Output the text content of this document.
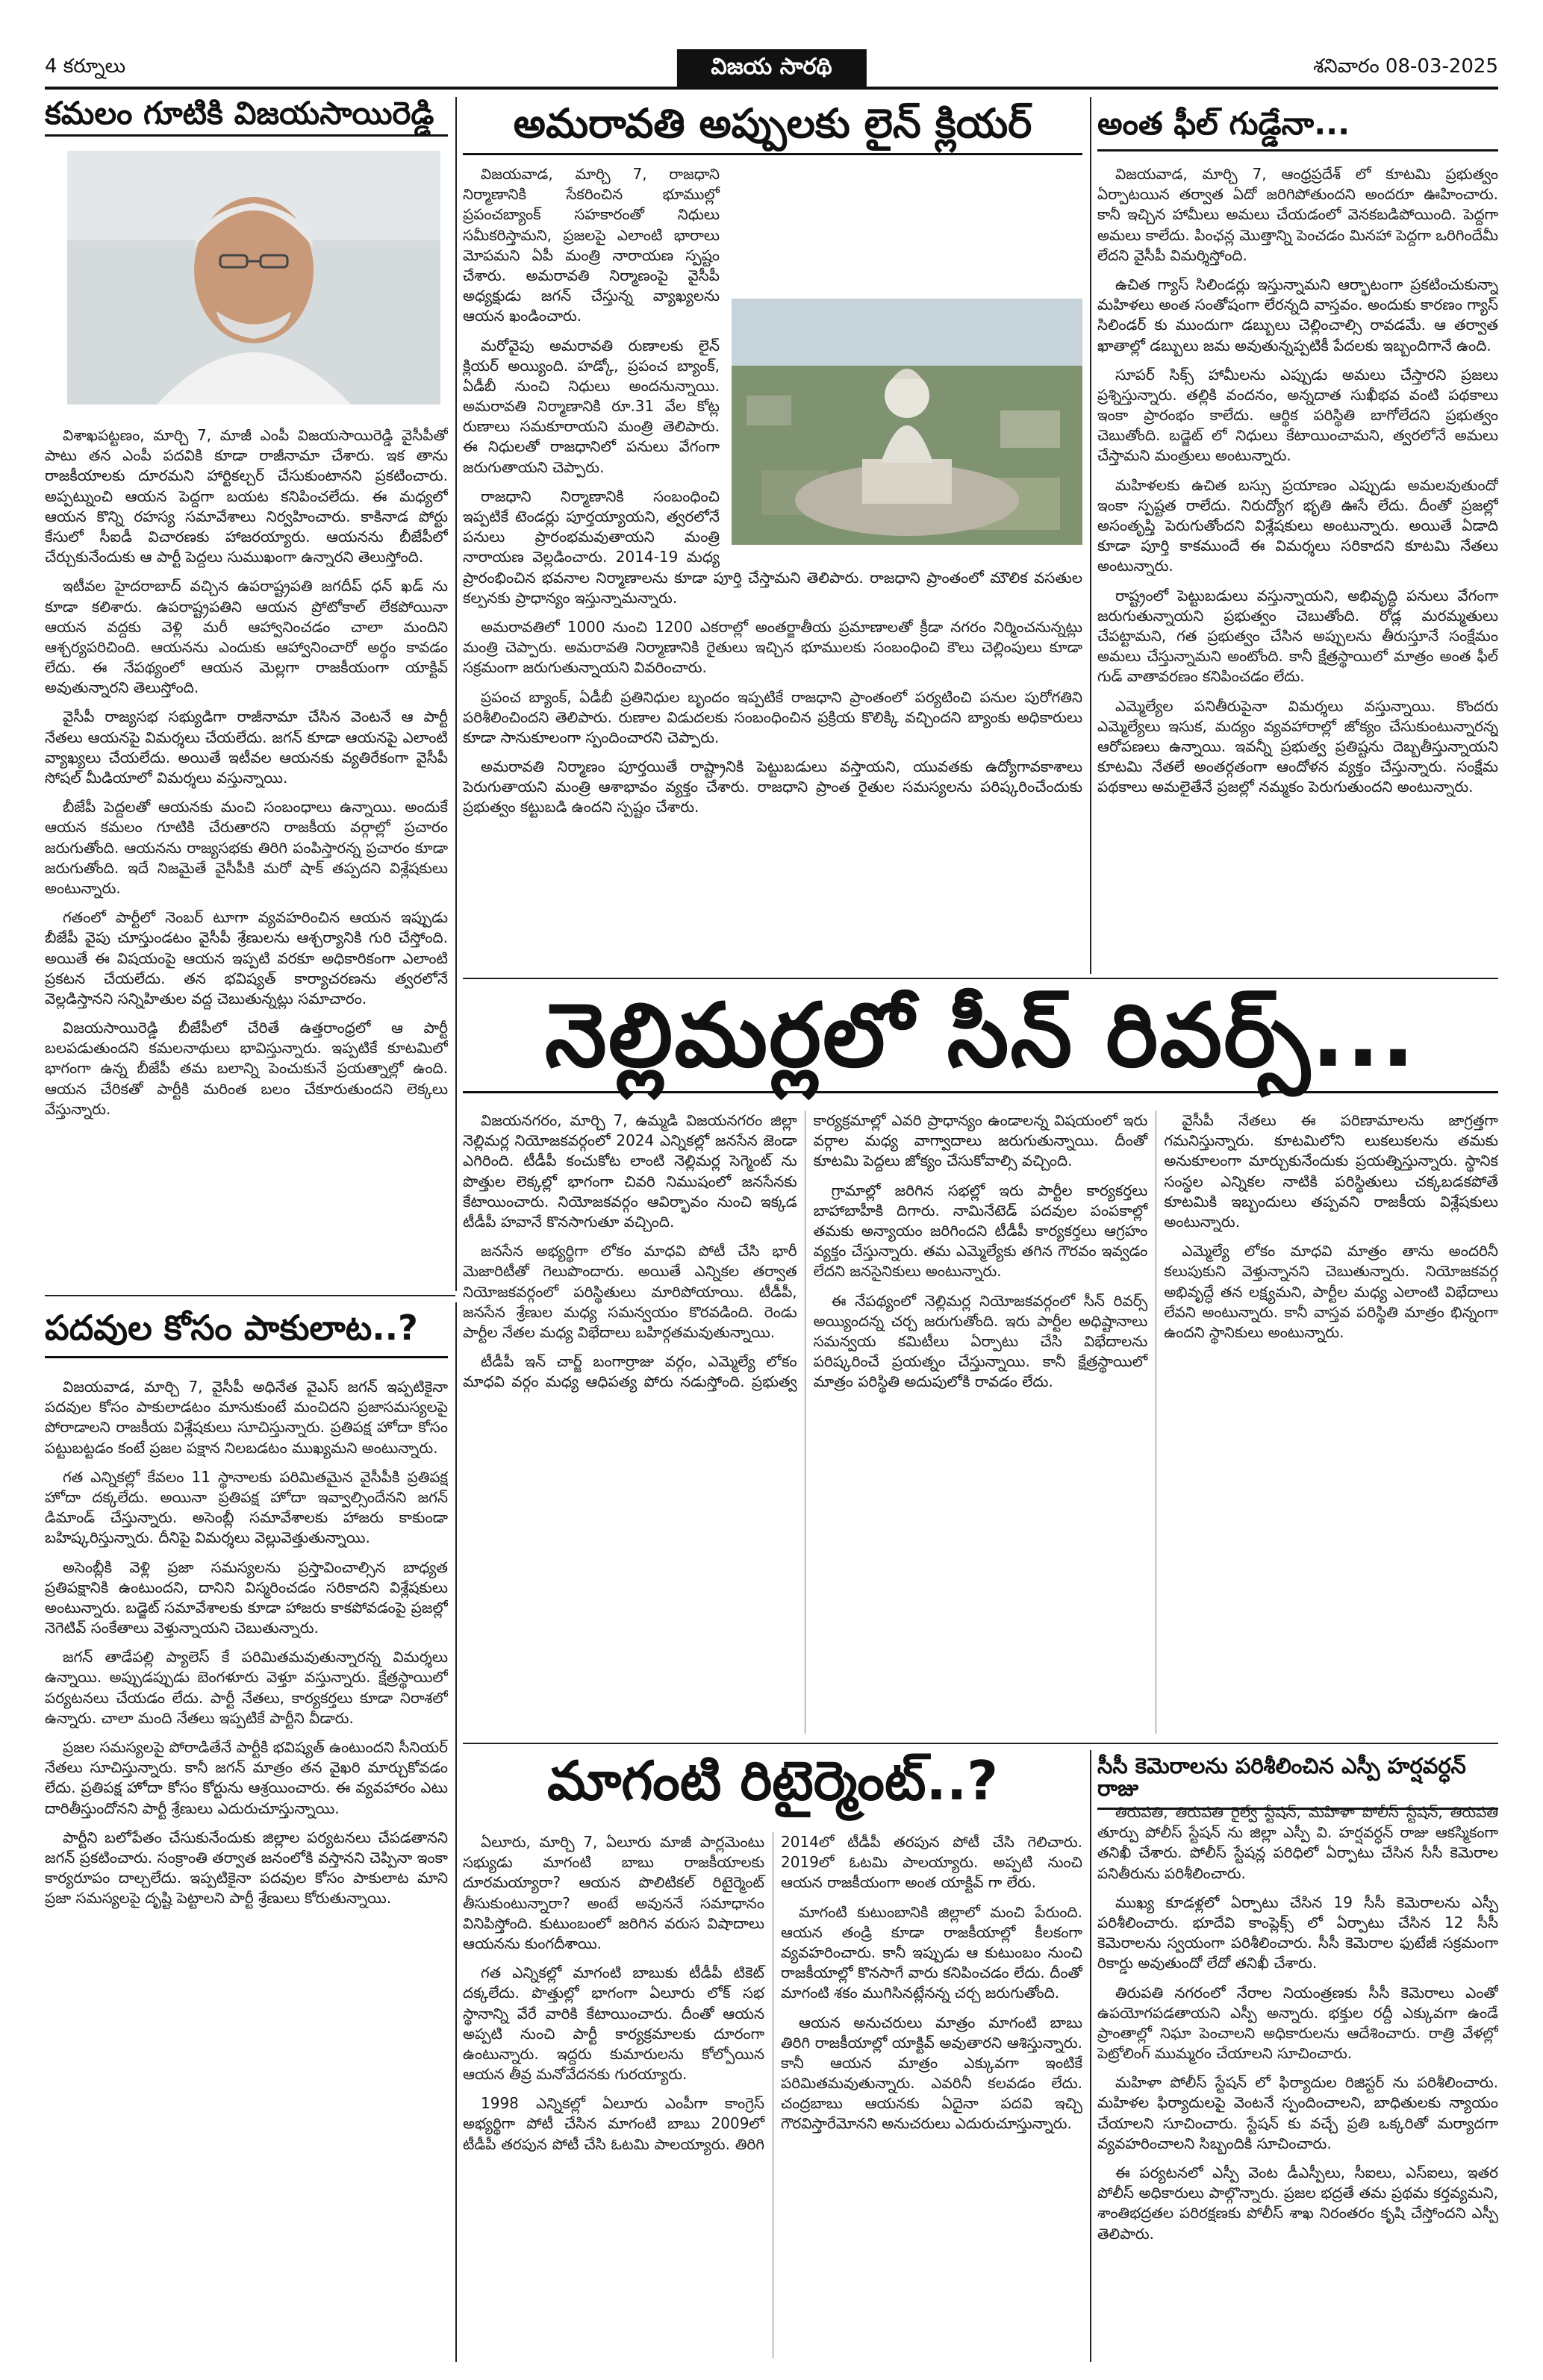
4 కర్నూలు	విజయ సారథి	శనివారం 08-03-2025
కమలం గూటికి విజయసాయిరెడ్డి

విశాఖపట్టణం, మార్చి 7, మాజీ ఎంపీ విజయసాయిరెడ్డి వైసీపీతో పాటు తన ఎంపీ పదవికి కూడా రాజీనామా చేశారు. ఇక తాను రాజకీయాలకు దూరమని హార్టికల్చర్ చేసుకుంటానని ప్రకటించారు. అప్పట్నుంచి ఆయన పెద్దగా బయట కనిపించలేదు. ఈ మధ్యలో ఆయన కొన్ని రహస్య సమావేశాలు నిర్వహించారు. కాకినాడ పోర్టు కేసులో సీఐడీ విచారణకు హాజరయ్యారు. ఆయనను బీజేపీలో చేర్చుకునేందుకు ఆ పార్టీ పెద్దలు సుముఖంగా ఉన్నారని తెలుస్తోంది.

ఇటీవల హైదరాబాద్ వచ్చిన ఉపరాష్ట్రపతి జగదీప్ ధన్ ఖడ్ ను కూడా కలిశారు. ఉపరాష్ట్రపతిని ఆయన ప్రోటోకాల్ లేకపోయినా ఆయన వద్దకు వెళ్లి మరీ ఆహ్వానించడం చాలా మందిని ఆశ్చర్యపరిచింది. ఆయనను ఎందుకు ఆహ్వానించారో అర్థం కావడం లేదు. ఈ నేపథ్యంలో ఆయన మెల్లగా రాజకీయంగా యాక్టివ్ అవుతున్నారని తెలుస్తోంది.

వైసీపీ రాజ్యసభ సభ్యుడిగా రాజీనామా చేసిన వెంటనే ఆ పార్టీ నేతలు ఆయనపై విమర్శలు చేయలేదు. జగన్ కూడా ఆయనపై ఎలాంటి వ్యాఖ్యలు చేయలేదు. అయితే ఇటీవల ఆయనకు వ్యతిరేకంగా వైసీపీ సోషల్ మీడియాలో విమర్శలు వస్తున్నాయి.

బీజేపీ పెద్దలతో ఆయనకు మంచి సంబంధాలు ఉన్నాయి. అందుకే ఆయన కమలం గూటికి చేరుతారని రాజకీయ వర్గాల్లో ప్రచారం జరుగుతోంది. ఆయనను రాజ్యసభకు తిరిగి పంపిస్తారన్న ప్రచారం కూడా జరుగుతోంది. ఇదే నిజమైతే వైసీపీకి మరో షాక్ తప్పదని విశ్లేషకులు అంటున్నారు.

గతంలో పార్టీలో నెంబర్ టూగా వ్యవహరించిన ఆయన ఇప్పుడు బీజేపీ వైపు చూస్తుండటం వైసీపీ శ్రేణులను ఆశ్చర్యానికి గురి చేస్తోంది. అయితే ఈ విషయంపై ఆయన ఇప్పటి వరకూ అధికారికంగా ఎలాంటి ప్రకటన చేయలేదు. తన భవిష్యత్ కార్యాచరణను త్వరలోనే వెల్లడిస్తానని సన్నిహితుల వద్ద చెబుతున్నట్లు సమాచారం.

విజయసాయిరెడ్డి బీజేపీలో చేరితే ఉత్తరాంధ్రలో ఆ పార్టీ బలపడుతుందని కమలనాథులు భావిస్తున్నారు. ఇప్పటికే కూటమిలో భాగంగా ఉన్న బీజేపీ తమ బలాన్ని పెంచుకునే ప్రయత్నాల్లో ఉంది. ఆయన చేరికతో పార్టీకి మరింత బలం చేకూరుతుందని లెక్కలు వేస్తున్నారు.

అమరావతి అప్పులకు లైన్ క్లియర్

విజయవాడ, మార్చి 7, రాజధాని నిర్మాణానికి సేకరించిన భూముల్లో ప్రపంచబ్యాంక్ సహకారంతో నిధులు సమీకరిస్తామని, ప్రజలపై ఎలాంటి భారాలు మోపమని ఏపీ మంత్రి నారాయణ స్పష్టం చేశారు. అమరావతి నిర్మాణంపై వైసీపీ అధ్యక్షుడు జగన్ చేస్తున్న వ్యాఖ్యలను ఆయన ఖండించారు.

మరోవైపు అమరావతి రుణాలకు లైన్ క్లియర్ అయ్యింది. హడ్కో, ప్రపంచ బ్యాంక్, ఏడీబీ నుంచి నిధులు అందనున్నాయి. అమరావతి నిర్మాణానికి రూ.31 వేల కోట్ల రుణాలు సమకూరాయని మంత్రి తెలిపారు. ఈ నిధులతో రాజధానిలో పనులు వేగంగా జరుగుతాయని చెప్పారు.

రాజధాని నిర్మాణానికి సంబంధించి ఇప్పటికే టెండర్లు పూర్తయ్యాయని, త్వరలోనే పనులు ప్రారంభమవుతాయని మంత్రి నారాయణ వెల్లడించారు. 2014-19 మధ్య ప్రారంభించిన భవనాల నిర్మాణాలను కూడా పూర్తి చేస్తామని తెలిపారు. రాజధాని ప్రాంతంలో మౌలిక వసతుల కల్పనకు ప్రాధాన్యం ఇస్తున్నామన్నారు.

అమరావతిలో 1000 నుంచి 1200 ఎకరాల్లో అంతర్జాతీయ ప్రమాణాలతో క్రీడా నగరం నిర్మించనున్నట్లు మంత్రి చెప్పారు. అమరావతి నిర్మాణానికి రైతులు ఇచ్చిన భూములకు సంబంధించి కౌలు చెల్లింపులు కూడా సక్రమంగా జరుగుతున్నాయని వివరించారు.

ప్రపంచ బ్యాంక్, ఏడీబీ ప్రతినిధుల బృందం ఇప్పటికే రాజధాని ప్రాంతంలో పర్యటించి పనుల పురోగతిని పరిశీలించిందని తెలిపారు. రుణాల విడుదలకు సంబంధించిన ప్రక్రియ కొలిక్కి వచ్చిందని బ్యాంకు అధికారులు కూడా సానుకూలంగా స్పందించారని చెప్పారు.

అమరావతి నిర్మాణం పూర్తయితే రాష్ట్రానికి పెట్టుబడులు వస్తాయని, యువతకు ఉద్యోగావకాశాలు పెరుగుతాయని మంత్రి ఆశాభావం వ్యక్తం చేశారు. రాజధాని ప్రాంత రైతుల సమస్యలను పరిష్కరించేందుకు ప్రభుత్వం కట్టుబడి ఉందని స్పష్టం చేశారు.

అంత ఫీల్ గుడ్డేనా...

విజయవాడ, మార్చి 7, ఆంధ్రప్రదేశ్ లో కూటమి ప్రభుత్వం ఏర్పాటయిన తర్వాత ఏదో జరిగిపోతుందని అందరూ ఊహించారు. కానీ ఇచ్చిన హామీలు అమలు చేయడంలో వెనకబడిపోయింది. పెద్దగా అమలు కాలేదు. పింఛన్ల మొత్తాన్ని పెంచడం మినహా పెద్దగా ఒరిగిందేమీ లేదని వైసీపీ విమర్శిస్తోంది.

ఉచిత గ్యాస్ సిలిండర్లు ఇస్తున్నామని ఆర్భాటంగా ప్రకటించుకున్నా మహిళలు అంత సంతోషంగా లేరన్నది వాస్తవం. అందుకు కారణం గ్యాస్ సిలిండర్ కు ముందుగా డబ్బులు చెల్లించాల్సి రావడమే. ఆ తర్వాత ఖాతాల్లో డబ్బులు జమ అవుతున్నప్పటికీ పేదలకు ఇబ్బందిగానే ఉంది.

సూపర్ సిక్స్ హామీలను ఎప్పుడు అమలు చేస్తారని ప్రజలు ప్రశ్నిస్తున్నారు. తల్లికి వందనం, అన్నదాత సుఖీభవ వంటి పథకాలు ఇంకా ప్రారంభం కాలేదు. ఆర్థిక పరిస్థితి బాగోలేదని ప్రభుత్వం చెబుతోంది. బడ్జెట్ లో నిధులు కేటాయించామని, త్వరలోనే అమలు చేస్తామని మంత్రులు అంటున్నారు.

మహిళలకు ఉచిత బస్సు ప్రయాణం ఎప్పుడు అమలవుతుందో ఇంకా స్పష్టత రాలేదు. నిరుద్యోగ భృతి ఊసే లేదు. దీంతో ప్రజల్లో అసంతృప్తి పెరుగుతోందని విశ్లేషకులు అంటున్నారు. అయితే ఏడాది కూడా పూర్తి కాకముందే ఈ విమర్శలు సరికాదని కూటమి నేతలు అంటున్నారు.

రాష్ట్రంలో పెట్టుబడులు వస్తున్నాయని, అభివృద్ధి పనులు వేగంగా జరుగుతున్నాయని ప్రభుత్వం చెబుతోంది. రోడ్ల మరమ్మతులు చేపట్టామని, గత ప్రభుత్వం చేసిన అప్పులను తీరుస్తూనే సంక్షేమం అమలు చేస్తున్నామని అంటోంది. కానీ క్షేత్రస్థాయిలో మాత్రం అంత ఫీల్ గుడ్ వాతావరణం కనిపించడం లేదు.

ఎమ్మెల్యేల పనితీరుపైనా విమర్శలు వస్తున్నాయి. కొందరు ఎమ్మెల్యేలు ఇసుక, మద్యం వ్యవహారాల్లో జోక్యం చేసుకుంటున్నారన్న ఆరోపణలు ఉన్నాయి. ఇవన్నీ ప్రభుత్వ ప్రతిష్టను దెబ్బతీస్తున్నాయని కూటమి నేతలే అంతర్గతంగా ఆందోళన వ్యక్తం చేస్తున్నారు. సంక్షేమ పథకాలు అమలైతేనే ప్రజల్లో నమ్మకం పెరుగుతుందని అంటున్నారు.

నెల్లిమర్లలో సీన్ రివర్స్...

విజయనగరం, మార్చి 7, ఉమ్మడి విజయనగరం జిల్లా నెల్లిమర్ల నియోజకవర్గంలో 2024 ఎన్నికల్లో జనసేన జెండా ఎగిరింది. టీడీపీ కంచుకోట లాంటి నెల్లిమర్ల సెగ్మెంట్ ను పొత్తుల లెక్కల్లో భాగంగా చివరి నిముషంలో జనసేనకు కేటాయించారు. నియోజకవర్గం ఆవిర్భావం నుంచి ఇక్కడ టీడీపీ హవానే కొనసాగుతూ వచ్చింది.

జనసేన అభ్యర్థిగా లోకం మాధవి పోటీ చేసి భారీ మెజారిటీతో గెలుపొందారు. అయితే ఎన్నికల తర్వాత నియోజకవర్గంలో పరిస్థితులు మారిపోయాయి. టీడీపీ, జనసేన శ్రేణుల మధ్య సమన్వయం కొరవడింది. రెండు పార్టీల నేతల మధ్య విభేదాలు బహిర్గతమవుతున్నాయి.

టీడీపీ ఇన్ చార్జ్ బంగార్రాజు వర్గం, ఎమ్మెల్యే లోకం మాధవి వర్గం మధ్య ఆధిపత్య పోరు నడుస్తోంది. ప్రభుత్వ కార్యక్రమాల్లో ఎవరి ప్రాధాన్యం ఉండాలన్న విషయంలో ఇరు వర్గాల మధ్య వాగ్వాదాలు జరుగుతున్నాయి. దీంతో కూటమి పెద్దలు జోక్యం చేసుకోవాల్సి వచ్చింది.

గ్రామాల్లో జరిగిన సభల్లో ఇరు పార్టీల కార్యకర్తలు బాహాబాహీకి దిగారు. నామినేటెడ్ పదవుల పంపకాల్లో తమకు అన్యాయం జరిగిందని టీడీపీ కార్యకర్తలు ఆగ్రహం వ్యక్తం చేస్తున్నారు. తమ ఎమ్మెల్యేకు తగిన గౌరవం ఇవ్వడం లేదని జనసైనికులు అంటున్నారు.

ఈ నేపథ్యంలో నెల్లిమర్ల నియోజకవర్గంలో సీన్ రివర్స్ అయ్యిందన్న చర్చ జరుగుతోంది. ఇరు పార్టీల అధిష్టానాలు సమన్వయ కమిటీలు ఏర్పాటు చేసి విభేదాలను పరిష్కరించే ప్రయత్నం చేస్తున్నాయి. కానీ క్షేత్రస్థాయిలో మాత్రం పరిస్థితి అదుపులోకి రావడం లేదు.

వైసీపీ నేతలు ఈ పరిణామాలను జాగ్రత్తగా గమనిస్తున్నారు. కూటమిలోని లుకలుకలను తమకు అనుకూలంగా మార్చుకునేందుకు ప్రయత్నిస్తున్నారు. స్థానిక సంస్థల ఎన్నికల నాటికి పరిస్థితులు చక్కబడకపోతే కూటమికి ఇబ్బందులు తప్పవని రాజకీయ విశ్లేషకులు అంటున్నారు.

ఎమ్మెల్యే లోకం మాధవి మాత్రం తాను అందరినీ కలుపుకుని వెళ్తున్నానని చెబుతున్నారు. నియోజకవర్గ అభివృద్ధే తన లక్ష్యమని, పార్టీల మధ్య ఎలాంటి విభేదాలు లేవని అంటున్నారు. కానీ వాస్తవ పరిస్థితి మాత్రం భిన్నంగా ఉందని స్థానికులు అంటున్నారు.

పదవుల కోసం పాకులాట..?

విజయవాడ, మార్చి 7, వైసీపీ అధినేత వైఎస్ జగన్ ఇప్పటికైనా పదవుల కోసం పాకులాడటం మానుకుంటే మంచిదని ప్రజాసమస్యలపై పోరాడాలని రాజకీయ విశ్లేషకులు సూచిస్తున్నారు. ప్రతిపక్ష హోదా కోసం పట్టుబట్టడం కంటే ప్రజల పక్షాన నిలబడటం ముఖ్యమని అంటున్నారు.

గత ఎన్నికల్లో కేవలం 11 స్థానాలకు పరిమితమైన వైసీపీకి ప్రతిపక్ష హోదా దక్కలేదు. అయినా ప్రతిపక్ష హోదా ఇవ్వాల్సిందేనని జగన్ డిమాండ్ చేస్తున్నారు. అసెంబ్లీ సమావేశాలకు హాజరు కాకుండా బహిష్కరిస్తున్నారు. దీనిపై విమర్శలు వెల్లువెత్తుతున్నాయి.

అసెంబ్లీకి వెళ్లి ప్రజా సమస్యలను ప్రస్తావించాల్సిన బాధ్యత ప్రతిపక్షానికి ఉంటుందని, దానిని విస్మరించడం సరికాదని విశ్లేషకులు అంటున్నారు. బడ్జెట్ సమావేశాలకు కూడా హాజరు కాకపోవడంపై ప్రజల్లో నెగెటివ్ సంకేతాలు వెళ్తున్నాయని చెబుతున్నారు.

జగన్ తాడేపల్లి ప్యాలెస్ కే పరిమితమవుతున్నారన్న విమర్శలు ఉన్నాయి. అప్పుడప్పుడు బెంగళూరు వెళ్తూ వస్తున్నారు. క్షేత్రస్థాయిలో పర్యటనలు చేయడం లేదు. పార్టీ నేతలు, కార్యకర్తలు కూడా నిరాశలో ఉన్నారు. చాలా మంది నేతలు ఇప్పటికే పార్టీని వీడారు.

ప్రజల సమస్యలపై పోరాడితేనే పార్టీకి భవిష్యత్ ఉంటుందని సీనియర్ నేతలు సూచిస్తున్నారు. కానీ జగన్ మాత్రం తన వైఖరి మార్చుకోవడం లేదు. ప్రతిపక్ష హోదా కోసం కోర్టును ఆశ్రయించారు. ఈ వ్యవహారం ఎటు దారితీస్తుందోనని పార్టీ శ్రేణులు ఎదురుచూస్తున్నాయి.

పార్టీని బలోపేతం చేసుకునేందుకు జిల్లాల పర్యటనలు చేపడతానని జగన్ ప్రకటించారు. సంక్రాంతి తర్వాత జనంలోకి వస్తానని చెప్పినా ఇంకా కార్యరూపం దాల్చలేదు. ఇప్పటికైనా పదవుల కోసం పాకులాట మాని ప్రజా సమస్యలపై దృష్టి పెట్టాలని పార్టీ శ్రేణులు కోరుతున్నాయి.

మాగంటి రిటైర్మెంట్..?

ఏలూరు, మార్చి 7, ఏలూరు మాజీ పార్లమెంటు సభ్యుడు మాగంటి బాబు రాజకీయాలకు దూరమయ్యారా? ఆయన పొలిటికల్ రిటైర్మెంట్ తీసుకుంటున్నారా? అంటే అవుననే సమాధానం వినిపిస్తోంది. కుటుంబంలో జరిగిన వరుస విషాదాలు ఆయనను కుంగదీశాయి.

గత ఎన్నికల్లో మాగంటి బాబుకు టీడీపీ టికెట్ దక్కలేదు. పొత్తుల్లో భాగంగా ఏలూరు లోక్ సభ స్థానాన్ని వేరే వారికి కేటాయించారు. దీంతో ఆయన అప్పటి నుంచి పార్టీ కార్యక్రమాలకు దూరంగా ఉంటున్నారు. ఇద్దరు కుమారులను కోల్పోయిన ఆయన తీవ్ర మనోవేదనకు గురయ్యారు.

1998 ఎన్నికల్లో ఏలూరు ఎంపీగా కాంగ్రెస్ అభ్యర్థిగా పోటీ చేసిన మాగంటి బాబు 2009లో టీడీపీ తరపున పోటీ చేసి ఓటమి పాలయ్యారు. తిరిగి 2014లో టీడీపీ తరపున పోటీ చేసి గెలిచారు. 2019లో ఓటమి పాలయ్యారు. అప్పటి నుంచి ఆయన రాజకీయంగా అంత యాక్టివ్ గా లేరు.

మాగంటి కుటుంబానికి జిల్లాలో మంచి పేరుంది. ఆయన తండ్రి కూడా రాజకీయాల్లో కీలకంగా వ్యవహరించారు. కానీ ఇప్పుడు ఆ కుటుంబం నుంచి రాజకీయాల్లో కొనసాగే వారు కనిపించడం లేదు. దీంతో మాగంటి శకం ముగిసినట్లేనన్న చర్చ జరుగుతోంది.

ఆయన అనుచరులు మాత్రం మాగంటి బాబు తిరిగి రాజకీయాల్లో యాక్టివ్ అవుతారని ఆశిస్తున్నారు. కానీ ఆయన మాత్రం ఎక్కువగా ఇంటికే పరిమితమవుతున్నారు. ఎవరినీ కలవడం లేదు. చంద్రబాబు ఆయనకు ఏదైనా పదవి ఇచ్చి గౌరవిస్తారేమోనని అనుచరులు ఎదురుచూస్తున్నారు.

సీసీ కెమెరాలను పరిశీలించిన ఎస్పీ హర్షవర్ధన్ రాజు

తిరుపతి, తిరుపతి రైల్వే స్టేషన్, మహిళా పోలీస్ స్టేషన్, తిరుపతి తూర్పు పోలీస్ స్టేషన్ ను జిల్లా ఎస్పీ వి. హర్షవర్ధన్ రాజు ఆకస్మికంగా తనిఖీ చేశారు. పోలీస్ స్టేషన్ల పరిధిలో ఏర్పాటు చేసిన సీసీ కెమెరాల పనితీరును పరిశీలించారు.

ముఖ్య కూడళ్లలో ఏర్పాటు చేసిన 19 సీసీ కెమెరాలను ఎస్పీ పరిశీలించారు. భూదేవి కాంప్లెక్స్ లో ఏర్పాటు చేసిన 12 సీసీ కెమెరాలను స్వయంగా పరిశీలించారు. సీసీ కెమెరాల ఫుటేజీ సక్రమంగా రికార్డు అవుతుందో లేదో తనిఖీ చేశారు.

తిరుపతి నగరంలో నేరాల నియంత్రణకు సీసీ కెమెరాలు ఎంతో ఉపయోగపడతాయని ఎస్పీ అన్నారు. భక్తుల రద్దీ ఎక్కువగా ఉండే ప్రాంతాల్లో నిఘా పెంచాలని అధికారులను ఆదేశించారు. రాత్రి వేళల్లో పెట్రోలింగ్ ముమ్మరం చేయాలని సూచించారు.

మహిళా పోలీస్ స్టేషన్ లో ఫిర్యాదుల రిజిస్టర్ ను పరిశీలించారు. మహిళల ఫిర్యాదులపై వెంటనే స్పందించాలని, బాధితులకు న్యాయం చేయాలని సూచించారు. స్టేషన్ కు వచ్చే ప్రతి ఒక్కరితో మర్యాదగా వ్యవహరించాలని సిబ్బందికి సూచించారు.

ఈ పర్యటనలో ఎస్పీ వెంట డీఎస్పీలు, సీఐలు, ఎస్ఐలు, ఇతర పోలీస్ అధికారులు పాల్గొన్నారు. ప్రజల భద్రతే తమ ప్రథమ కర్తవ్యమని, శాంతిభద్రతల పరిరక్షణకు పోలీస్ శాఖ నిరంతరం కృషి చేస్తోందని ఎస్పీ తెలిపారు.
